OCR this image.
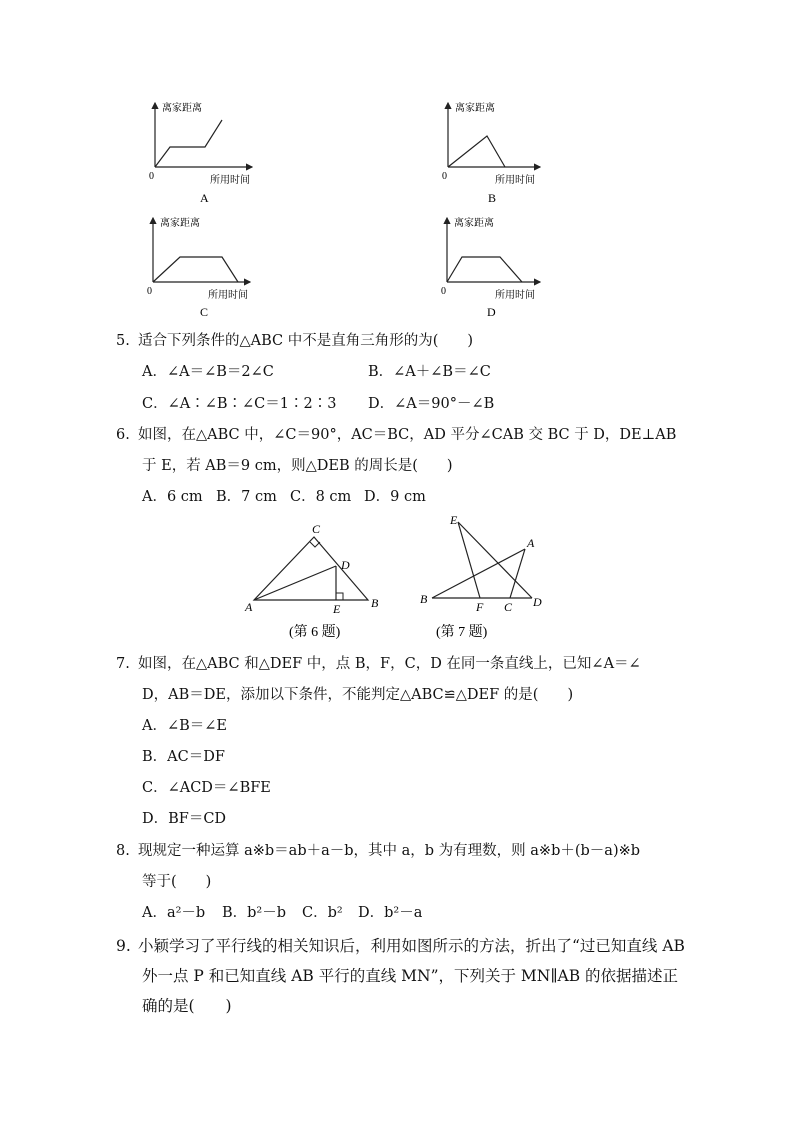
离家距离
所用时间
0
A
离家距离
所用时间
0
B
离家距离
所用时间
0
C
离家距离
所用时间
0
D
5. 适合下列条件的△ABC 中不是直角三角形的为(　　)
A．∠A＝∠B＝2∠C	B．∠A＋∠B＝∠C
C．∠A∶∠B∶∠C＝1∶2∶3 D．∠A＝90°－∠B
6. 如图，在△ABC 中，∠C＝90°，AC＝BC，AD 平分∠CAB 交 BC 于 D，DE⊥AB
于 E，若 AB＝9 cm，则△DEB 的周长是(　　)
A．6 cm B．7 cm C．8 cm D．9 cm
A	B
C
D
E
(第 6 题)
E
A
B
F C D
(第 7 题)
7. 如图，在△ABC 和△DEF 中，点 B，F，C，D 在同一条直线上，已知∠A＝∠
D，AB＝DE，添加以下条件，不能判定△ABC≌△DEF 的是(　　)
A．∠B＝∠E
B．AC＝DF
C．∠ACD＝∠BFE
D．BF＝CD
8. 现规定一种运算 a※b＝ab＋a－b，其中 a，b 为有理数，则 a※b＋(b－a)※b
等于(　　)
A．a²－b B．b²－b C．b² D．b²－a
9. 小颖学习了平行线的相关知识后，利用如图所示的方法，折出了“过已知直线 AB
外一点 P 和已知直线 AB 平行的直线 MN”，下列关于 MN∥AB 的依据描述正
确的是(　　)
